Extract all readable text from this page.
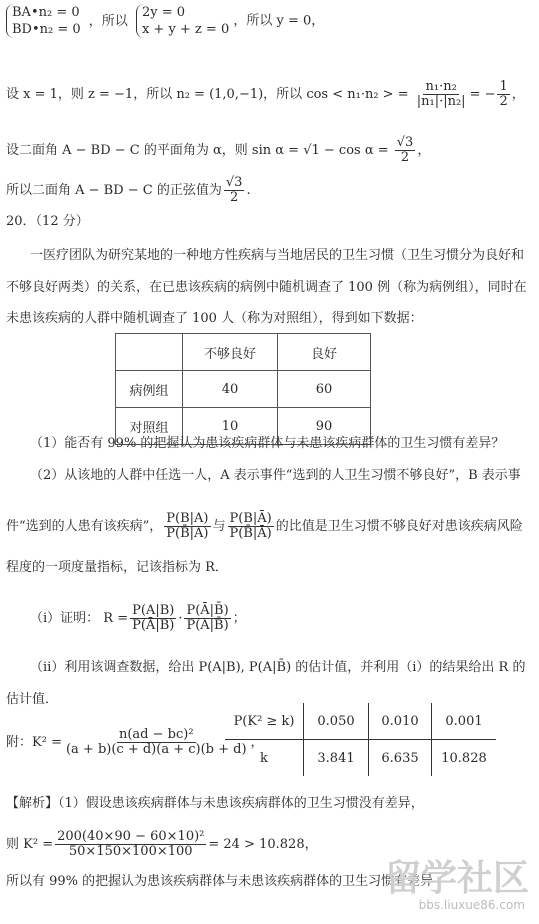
BA•n₂ = 0
BD•n₂ = 0
，所以
2y = 0
x + y + z = 0
，所以 y = 0，
设 x = 1，则 z = −1，所以 n₂ = (1,0,−1)，所以 cos < n₁·n₂ > = $\frac{\text{n₁·n₂}}{\text{|n₁|·|n₂|}}$ = − $\frac{1}{2}$ ，
设二面角 A − BD − C 的平面角为 α，则 $\sin \alpha = √1 - \cos \alpha = \frac{√3}{2}$ ，
所以二面角 A − BD − C 的正弦值为 $\frac{√3}{2}$ .
20．（12 分）
一医疗团队为研究某地的一种地方性疾病与当地居民的卫生习惯（卫生习惯分为良好和
不够良好两类）的关系，在已患该疾病的病例中随机调查了 100 例（称为病例组），同时在
未患该疾病的人群中随机调查了 100 人（称为对照组），得到如下数据：
	不够良好	良好
病例组	40	60
对照组	10	90
（1）能否有 99% 的把握认为患该疾病群体与未患该疾病群体的卫生习惯有差异？
（2）从该地的人群中任选一人，A 表示事件“选到的人卫生习惯不够良好”，B 表示事
件“选到的人患有该疾病”， $\frac{P(B|A)}{P(B̄|A)}$ 与 $\frac{P(B|Ā)}{P(B̄|Ā)}$ 的比值是卫生习惯不够良好对患该疾病风险
程度的一项度量指标，记该指标为 R．
（i）证明： $R = \frac{P(A|B)}{P(Ā|B)} \cdot \frac{P(Ā|B̄)}{P(A|B̄)}$ ；
（ii）利用该调查数据，给出 P(A|B), P(A|B̄) 的估计值，并利用（i）的结果给出 R 的
估计值．
附：$K^2 = \frac{\text{n(ad − bc)²}}{(a + b)(c + d)(a + c)(b + d)}$ ，
P(K² ≥ k)	0.050	0.010	0.001
k	3.841	6.635	10.828
【解析】（1）假设患该疾病群体与未患该疾病群体的卫生习惯没有差异，
则 $K^2 = \frac{\text{200(40×90 − 60×10)²}}{50\times 150\times 100\times 100} = 24 > 10.828$，
所以有 99% 的把握认为患该疾病群体与未患该疾病群体的卫生习惯有差异
留学社区
bbs.liuxue86.com
